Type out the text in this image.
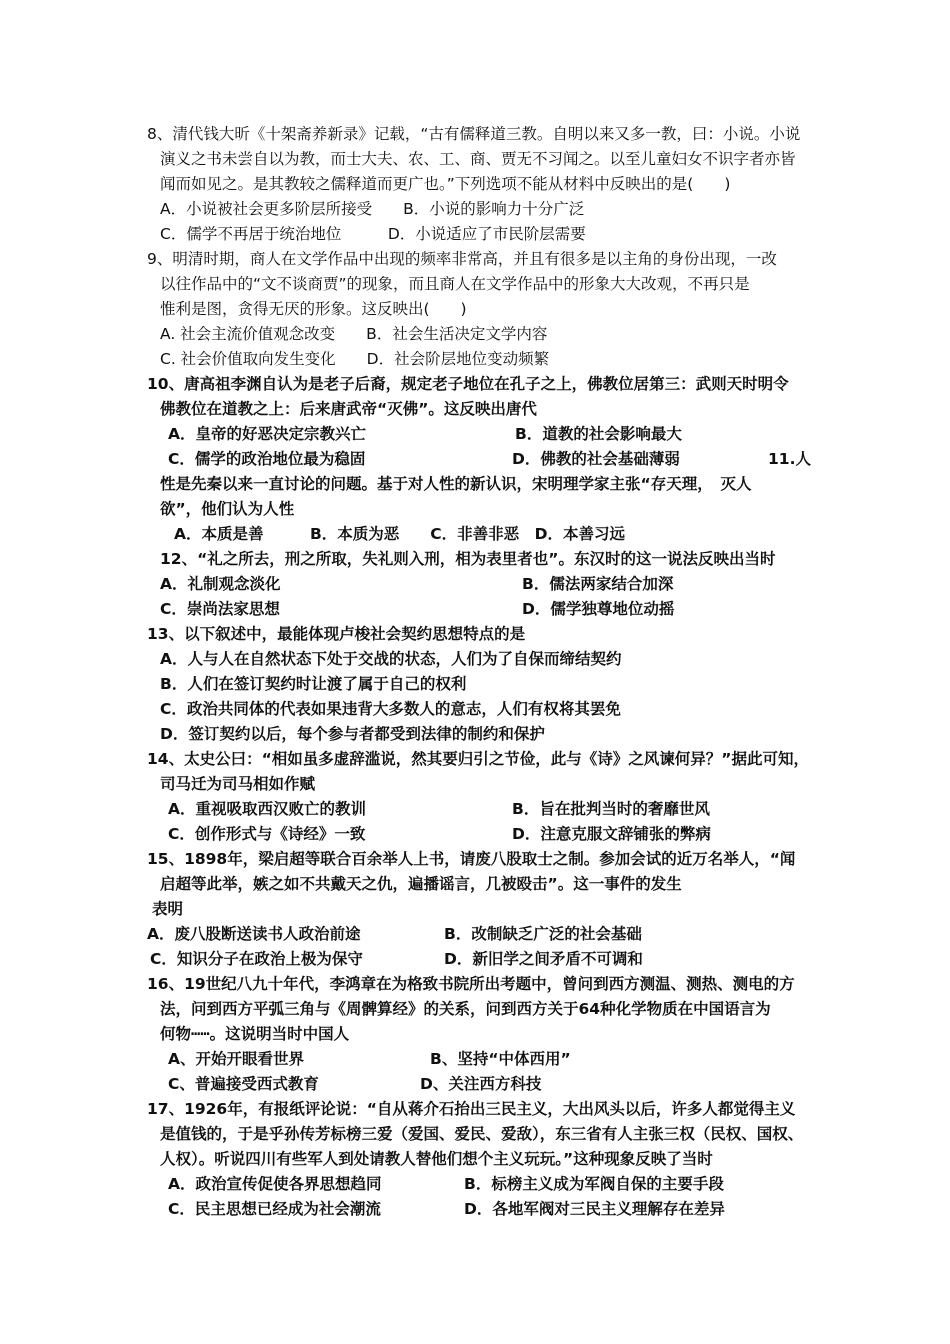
8、清代钱大昕《十架斋养新录》记载，“古有儒释道三教。自明以来又多一教，曰：小说。小说
演义之书未尝自以为教，而士大夫、农、工、商、贾无不习闻之。以至儿童妇女不识字者亦皆
闻而如见之。是其教较之儒释道而更广也。”下列选项不能从材料中反映出的是(　　)
A．小说被社会更多阶层所接受　　B．小说的影响力十分广泛
C．儒学不再居于统治地位　　　D．小说适应了市民阶层需要
9、明清时期，商人在文学作品中出现的频率非常高，并且有很多是以主角的身份出现，一改
以往作品中的“文不谈商贾”的现象，而且商人在文学作品中的形象大大改观，不再只是
惟利是图，贪得无厌的形象。这反映出(　　)
A. 社会主流价值观念改变　　B．社会生活决定文学内容
C. 社会价值取向发生变化　　D．社会阶层地位变动频繁
10、唐高祖李渊自认为是老子后裔，规定老子地位在孔子之上，佛教位居第三：武则天时明令
佛教位在道教之上：后来唐武帝“灭佛”。这反映出唐代
A．皇帝的好恶决定宗教兴亡	B．道教的社会影响最大
C．儒学的政治地位最为稳固	D．佛教的社会基础薄弱	11.人
性是先秦以来一直讨论的问题。基于对人性的新认识，宋明理学家主张“存天理，　灭人
欲”，他们认为人性
A．本质是善　　　B．本质为恶　　C．非善非恶　D．本善习远
12、“礼之所去，刑之所取，失礼则入刑，相为表里者也”。东汉时的这一说法反映出当时
A．礼制观念淡化	B．儒法两家结合加深
C．崇尚法家思想	D．儒学独尊地位动摇
13、以下叙述中，最能体现卢梭社会契约思想特点的是
A．人与人在自然状态下处于交战的状态，人们为了自保而缔结契约
B．人们在签订契约时让渡了属于自己的权利
C．政治共同体的代表如果违背大多数人的意志，人们有权将其罢免
D．签订契约以后，每个参与者都受到法律的制约和保护
14、太史公曰：“相如虽多虚辞滥说，然其要归引之节俭，此与《诗》之风谏何异？”据此可知，
司马迁为司马相如作赋
A．重视吸取西汉败亡的教训	B．旨在批判当时的奢靡世风
C．创作形式与《诗经》一致	D．注意克服文辞铺张的弊病
15、1898年，梁启超等联合百余举人上书，请废八股取士之制。参加会试的近万名举人，“闻
启超等此举，嫉之如不共戴天之仇，遍播谣言，几被殴击”。这一事件的发生
表明
A．废八股断送读书人政治前途	B．改制缺乏广泛的社会基础
C．知识分子在政治上极为保守	D．新旧学之间矛盾不可调和
16、19世纪八九十年代，李鸿章在为格致书院所出考题中，曾问到西方测温、测热、测电的方
法，问到西方平弧三角与《周髀算经》的关系，问到西方关于64种化学物质在中国语言为
何物┅┅。这说明当时中国人
A、开始开眼看世界	B、坚持“中体西用”
C、普遍接受西式教育	D、关注西方科技
17、1926年，有报纸评论说：“自从蒋介石抬出三民主义，大出风头以后，许多人都觉得主义
是值钱的，于是乎孙传芳标榜三爱（爱国、爱民、爱敌），东三省有人主张三权（民权、国权、
人权）。听说四川有些军人到处请教人替他们想个主义玩玩。”这种现象反映了当时
A．政治宣传促使各界思想趋同	B．标榜主义成为军阀自保的主要手段
C．民主思想已经成为社会潮流	D．各地军阀对三民主义理解存在差异
